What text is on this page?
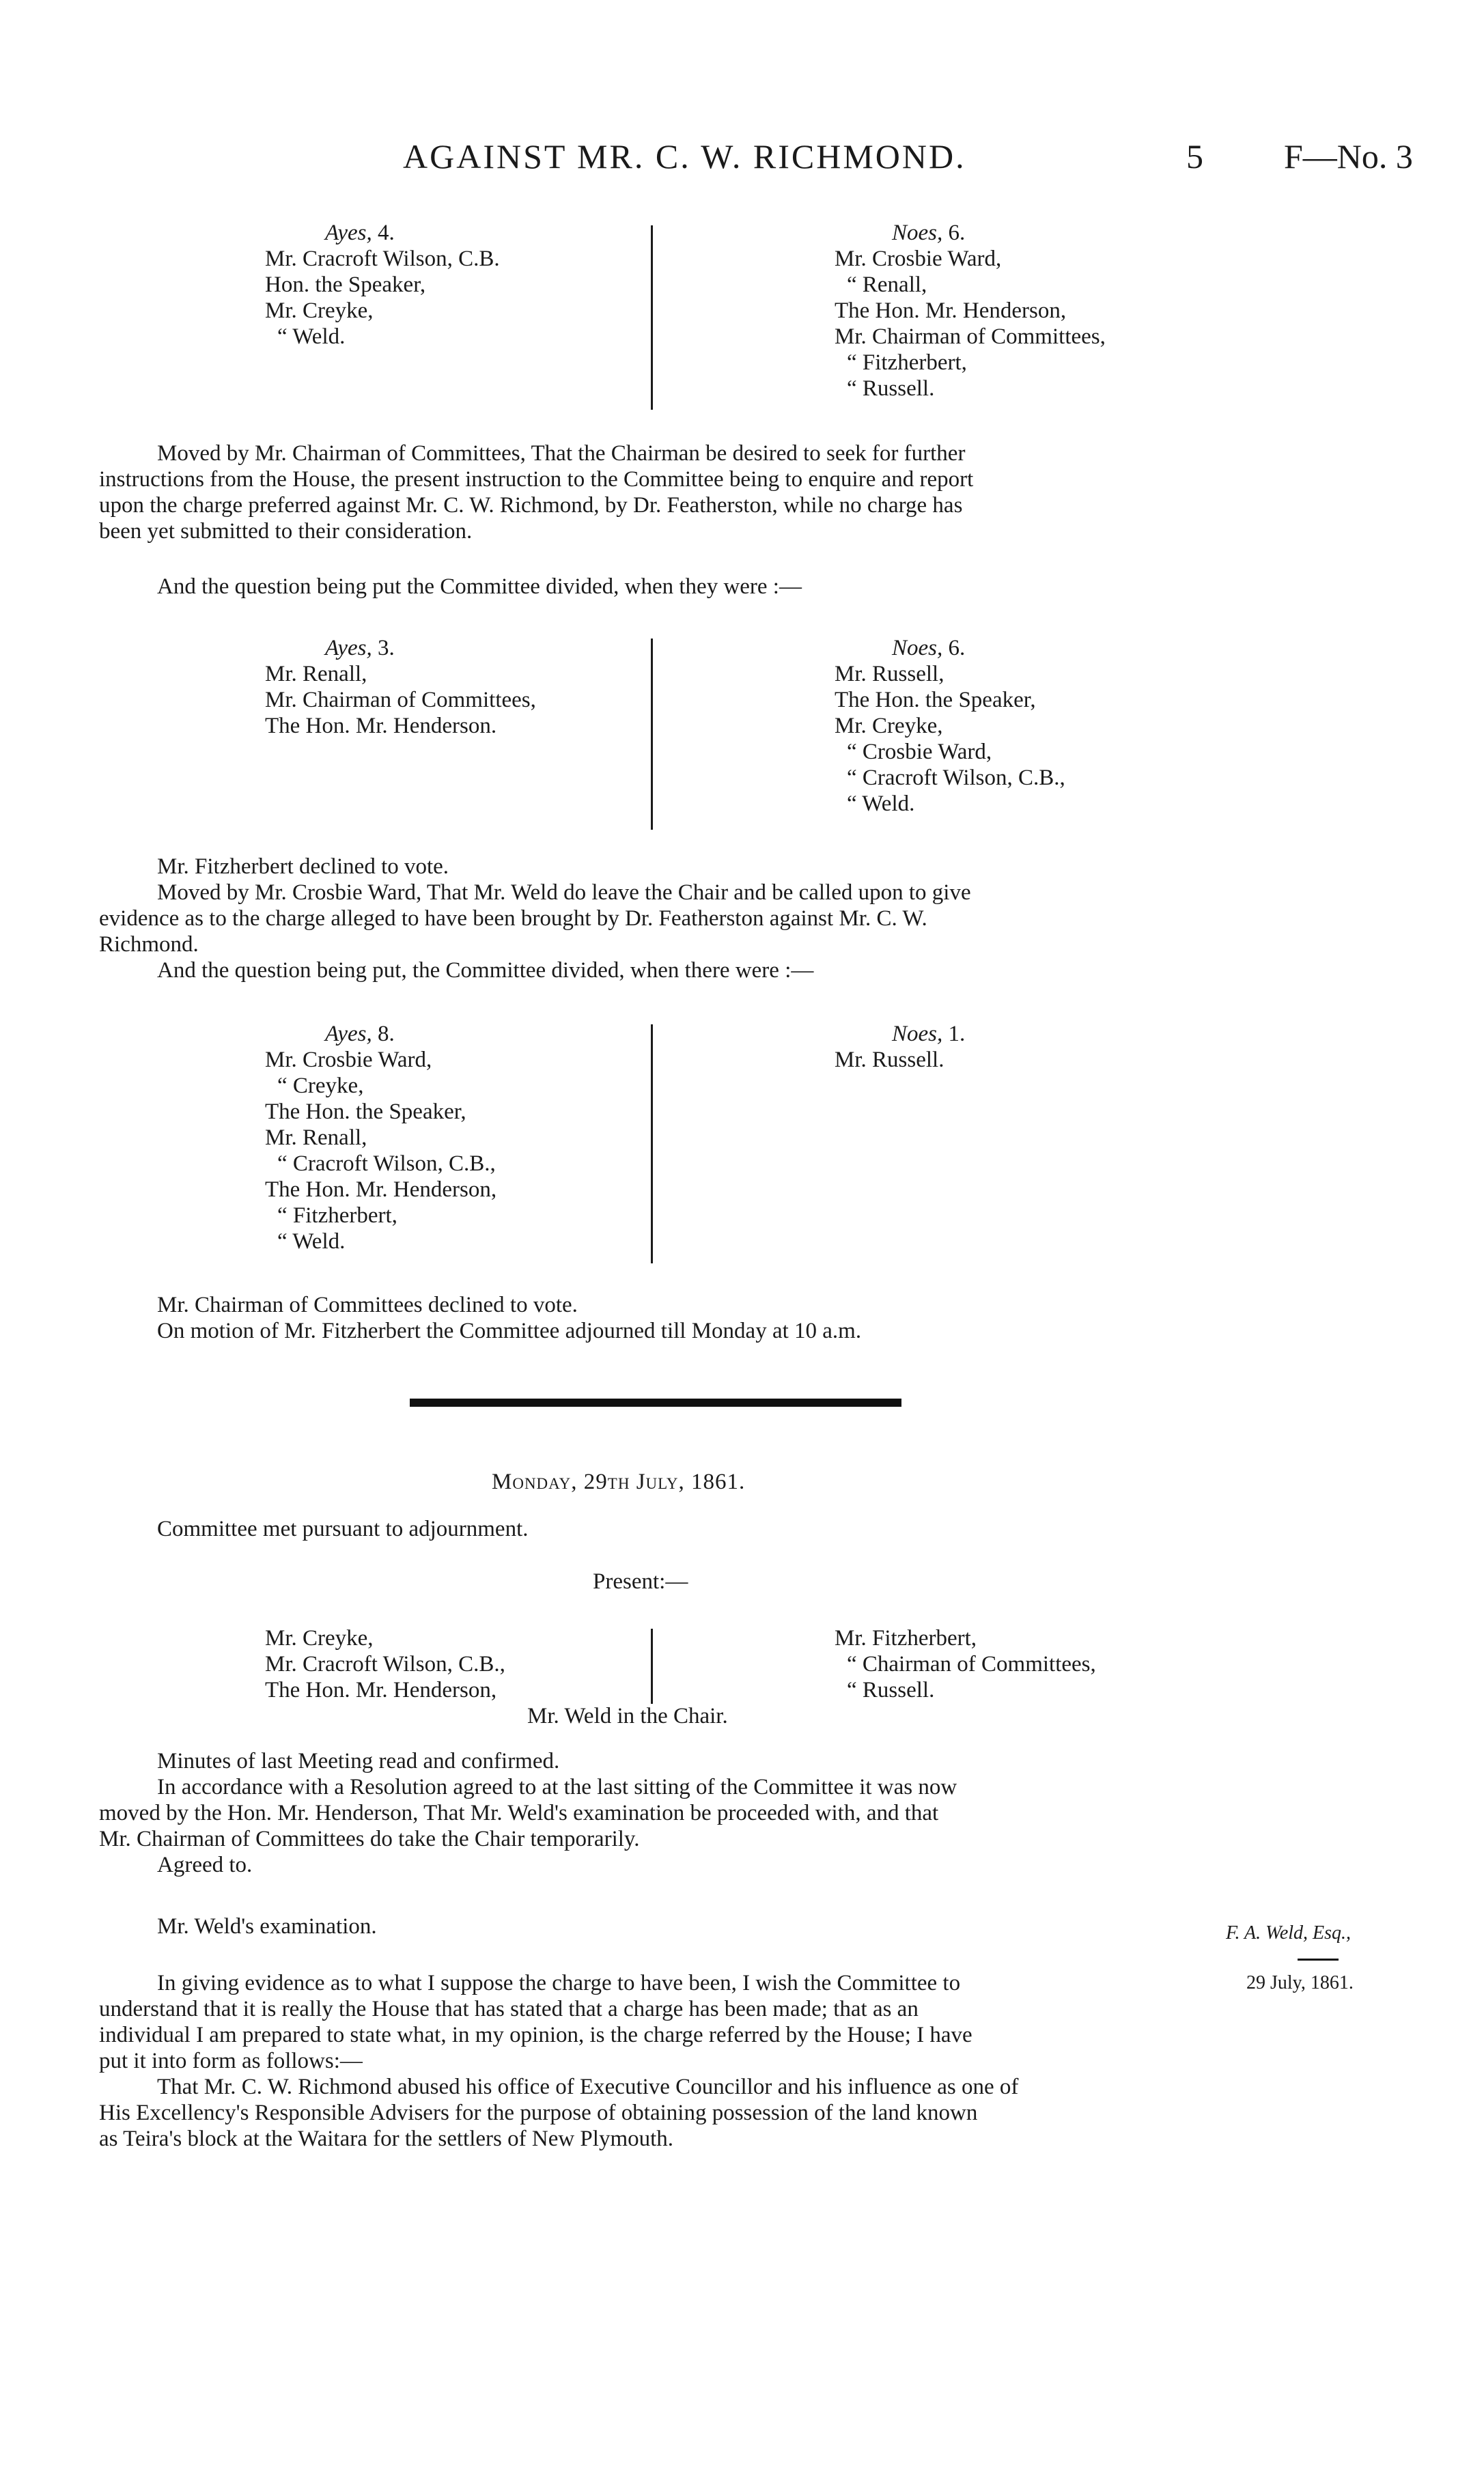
AGAINST MR. C. W. RICHMOND.	5 F—No. 3
Ayes, 4.
Mr. Cracroft Wilson, C.B.
Hon. the Speaker,
Mr. Creyke,
“ Weld.
Noes, 6.
Mr. Crosbie Ward,
“ Renall,
The Hon. Mr. Henderson,
Mr. Chairman of Committees,
“ Fitzherbert,
“ Russell.
Moved by Mr. Chairman of Committees, That the Chairman be desired to seek for further
instructions from the House, the present instruction to the Committee being to enquire and report
upon the charge preferred against Mr. C. W. Richmond, by Dr. Featherston, while no charge has
been yet submitted to their consideration.
And the question being put the Committee divided, when they were :—
Ayes, 3.
Mr. Renall,
Mr. Chairman of Committees,
The Hon. Mr. Henderson.
Noes, 6.
Mr. Russell,
The Hon. the Speaker,
Mr. Creyke,
“ Crosbie Ward,
“ Cracroft Wilson, C.B.,
“ Weld.
Mr. Fitzherbert declined to vote.
Moved by Mr. Crosbie Ward, That Mr. Weld do leave the Chair and be called upon to give
evidence as to the charge alleged to have been brought by Dr. Featherston against Mr. C. W.
Richmond.
And the question being put, the Committee divided, when there were :—
Ayes, 8.
Mr. Crosbie Ward,
“ Creyke,
The Hon. the Speaker,
Mr. Renall,
“ Cracroft Wilson, C.B.,
The Hon. Mr. Henderson,
“ Fitzherbert,
“ Weld.
Noes, 1.
Mr. Russell.
Mr. Chairman of Committees declined to vote.
On motion of Mr. Fitzherbert the Committee adjourned till Monday at 10 a.m.
Monday, 29th July, 1861.
Committee met pursuant to adjournment.
Present:—
Mr. Creyke,
Mr. Cracroft Wilson, C.B.,
The Hon. Mr. Henderson,
Mr. Fitzherbert,
“ Chairman of Committees,
“ Russell.
Mr. Weld in the Chair.
Minutes of last Meeting read and confirmed.
In accordance with a Resolution agreed to at the last sitting of the Committee it was now
moved by the Hon. Mr. Henderson, That Mr. Weld's examination be proceeded with, and that
Mr. Chairman of Committees do take the Chair temporarily.
Agreed to.
Mr. Weld's examination.	F. A. Weld, Esq.,
29 July, 1861.
In giving evidence as to what I suppose the charge to have been, I wish the Committee to
understand that it is really the House that has stated that a charge has been made; that as an
individual I am prepared to state what, in my opinion, is the charge referred by the House; I have
put it into form as follows:—
That Mr. C. W. Richmond abused his office of Executive Councillor and his influence as one of
His Excellency's Responsible Advisers for the purpose of obtaining possession of the land known
as Teira's block at the Waitara for the settlers of New Plymouth.
